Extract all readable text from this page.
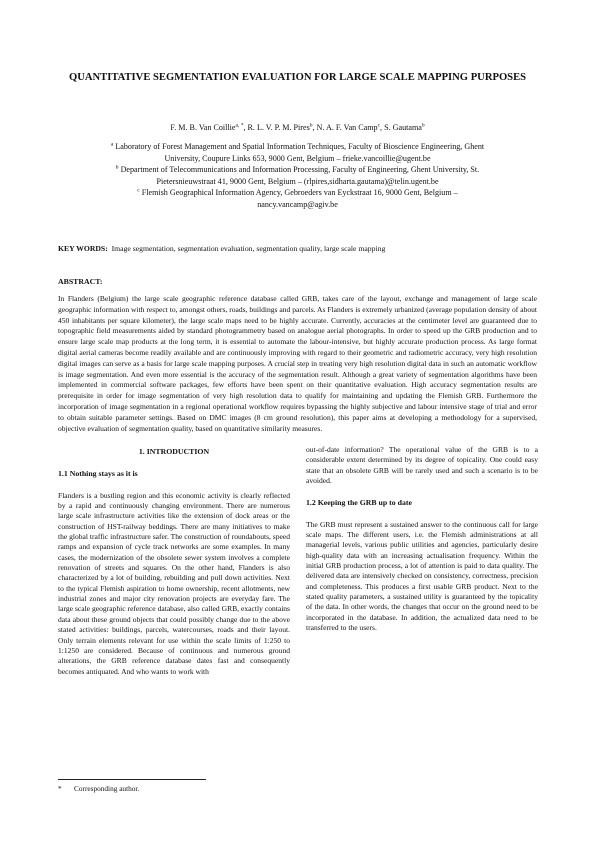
QUANTITATIVE SEGMENTATION EVALUATION FOR LARGE SCALE MAPPING PURPOSES
F. M. B. Van Coillie$^{a, *}$, R. L. V. P. M. Pires$^b$, N. A. F. Van Camp$^c$, S. Gautama$^b$
$^a$ Laboratory of Forest Management and Spatial Information Techniques, Faculty of Bioscience Engineering, Ghent
University, Coupure Links 653, 9000 Gent, Belgium – frieke.vancoillie@ugent.be
$^b$ Department of Telecommunications and Information Processing, Faculty of Engineering, Ghent University, St.
Pietersnieuwstraat 41, 9000 Gent, Belgium – (rlpires,sidharta.gautama)@telin.ugent.be
$^c$ Flemish Geographical Information Agency, Gebroeders van Eyckstraat 16, 9000 Gent, Belgium –
nancy.vancamp@agiv.be
KEY WORDS: Image segmentation, segmentation evaluation, segmentation quality, large scale mapping
ABSTRACT:
In Flanders (Belgium) the large scale geographic reference database called GRB, takes care of the layout, exchange and management of large scale geographic information with respect to, amongst others, roads, buildings and parcels. As Flanders is extremely urbanized (average population density of about 450 inhabitants per square kilometer), the large scale maps need to be highly accurate. Currently, accuracies at the centimeter level are guaranteed due to topographic field measurements aided by standard photogrammetry based on analogue aerial photographs. In order to speed up the GRB production and to ensure large scale map products at the long term, it is essential to automate the labour-intensive, but highly accurate production process. As large format digital aerial cameras become readily available and are continuously improving with regard to their geometric and radiometric accuracy, very high resolution digital images can serve as a basis for large scale mapping purposes. A crucial step in treating very high resolution digital data in such an automatic workflow is image segmentation. And even more essential is the accuracy of the segmentation result. Although a great variety of segmentation algorithms have been implemented in commercial software packages, few efforts have been spent on their quantitative evaluation. High accuracy segmentation results are prerequisite in order for image segmentation of very high resolution data to qualify for maintaining and updating the Flemish GRB. Furthermore the incorporation of image segmentation in a regional operational workflow requires bypassing the highly subjective and labour intensive stage of trial and error to obtain suitable parameter settings. Based on DMC images (8 cm ground resolution), this paper aims at developing a methodology for a supervised, objective evaluation of segmentation quality, based on quantitative similarity measures.
1. INTRODUCTION
1.1 Nothing stays as it is

Flanders is a bustling region and this economic activity is clearly reflected by a rapid and continuously changing environment. There are numerous large scale infrastructure activities like the extension of dock areas or the construction of HST-railway beddings. There are many initiatives to make the global traffic infrastructure safer. The construction of roundabouts, speed ramps and expansion of cycle track networks are some examples. In many cases, the modernization of the obsolete sewer system involves a complete renovation of streets and squares. On the other hand, Flanders is also characterized by a lot of building, rebuilding and pull down activities. Next to the typical Flemish aspiration to home ownership, recent allotments, new industrial zones and major city renovation projects are everyday fare. The large scale geographic reference database, also called GRB, exactly contains data about these ground objects that could possibly change due to the above stated activities: buildings, parcels, watercourses, roads and their layout. Only terrain elements relevant for use within the scale limits of 1:250 to 1:1250 are considered. Because of continuous and numerous ground alterations, the GRB reference database dates fast and consequently becomes antiquated. And who wants to work with

out-of-date information? The operational value of the GRB is to a considerable extent determined by its degree of topicality. One could easy state that an obsolete GRB will be rarely used and such a scenario is to be avoided.

1.2 Keeping the GRB up to date

The GRB must represent a sustained answer to the continuous call for large scale maps. The different users, i.e. the Flemish administrations at all managerial levels, various public utilities and agencies, particularly desire high-quality data with an increasing actualisation frequency. Within the initial GRB production process, a lot of attention is paid to data quality. The delivered data are intensively checked on consistency, correctness, precision and completeness. This produces a first usable GRB product. Next to the stated quality parameters, a sustained utility is guaranteed by the topicality of the data. In other words, the changes that occur on the ground need to be incorporated in the database. In addition, the actualized data need to be transferred to the users.

* Corresponding author.
